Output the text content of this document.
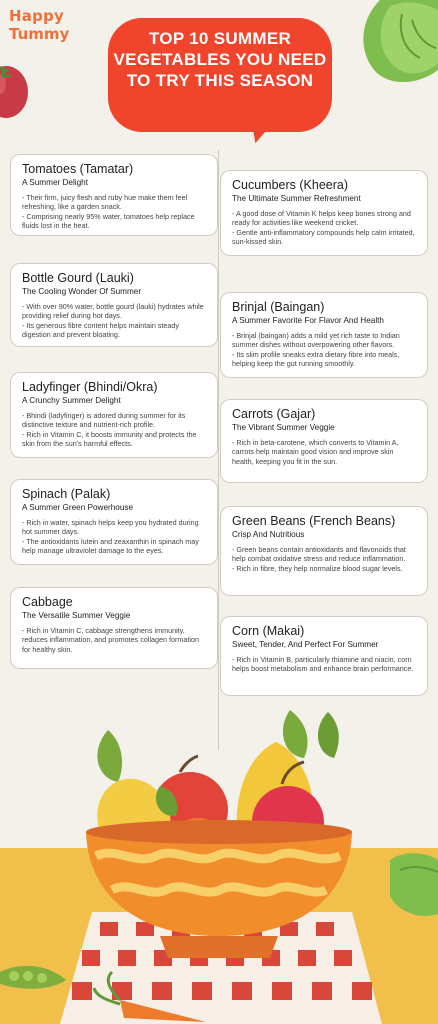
Happy
Tummy	TOP 10 SUMMER VEGETABLES YOU NEED TO TRY THIS SEASON

Tomatoes (Tamatar)

A Summer Delight

- Their firm, juicy flesh and ruby hue make them feel refreshing, like a garden snack.

- Comprising nearly 95% water, tomatoes help replace fluids lost in the heat.

Bottle Gourd (Lauki)

The Cooling Wonder Of Summer

- With over 90% water, bottle gourd (lauki) hydrates while providing relief during hot days.

- Its generous fibre content helps maintain steady digestion and prevent bloating.

Ladyfinger (Bhindi/Okra)

A Crunchy Summer Delight

- Bhindi (ladyfinger) is adored during summer for its distinctive texture and nutrient-rich profile.

- Rich in Vitamin C, it boosts immunity and protects the skin from the sun's harmful effects.

Spinach (Palak)

A Summer Green Powerhouse

- Rich in water, spinach helps keep you hydrated during hot summer days.

- The antioxidants lutein and zeaxanthin in spinach may help manage ultraviolet damage to the eyes.

Cabbage

The Versatile Summer Veggie

- Rich in Vitamin C, cabbage strengthens immunity, reduces inflammation, and promotes collagen formation for healthy skin.

Cucumbers (Kheera)

The Ultimate Summer Refreshment

- A good dose of Vitamin K helps keep bones strong and ready for activities like weekend cricket.

- Gentle anti-inflammatory compounds help calm irritated, sun-kissed skin.

Brinjal (Baingan)

A Summer Favorite For Flavor And Health

- Brinjal (baingan) adds a mild yet rich taste to Indian summer dishes without overpowering other flavors.

- Its slim profile sneaks extra dietary fibre into meals, helping keep the gut running smoothly.

Carrots (Gajar)

The Vibrant Summer Veggie

- Rich in beta-carotene, which converts to Vitamin A, carrots help maintain good vision and improve skin health, keeping you fit in the sun.

Green Beans (French Beans)

Crisp And Nutritious

- Green beans contain antioxidants and flavonoids that help combat oxidative stress and reduce inflammation.

- Rich in fibre, they help normalize blood sugar levels.

Corn (Makai)

Sweet, Tender, And Perfect For Summer

- Rich in Vitamin B, particularly thiamine and niacin, corn helps boost metabolism and enhance brain performance.
